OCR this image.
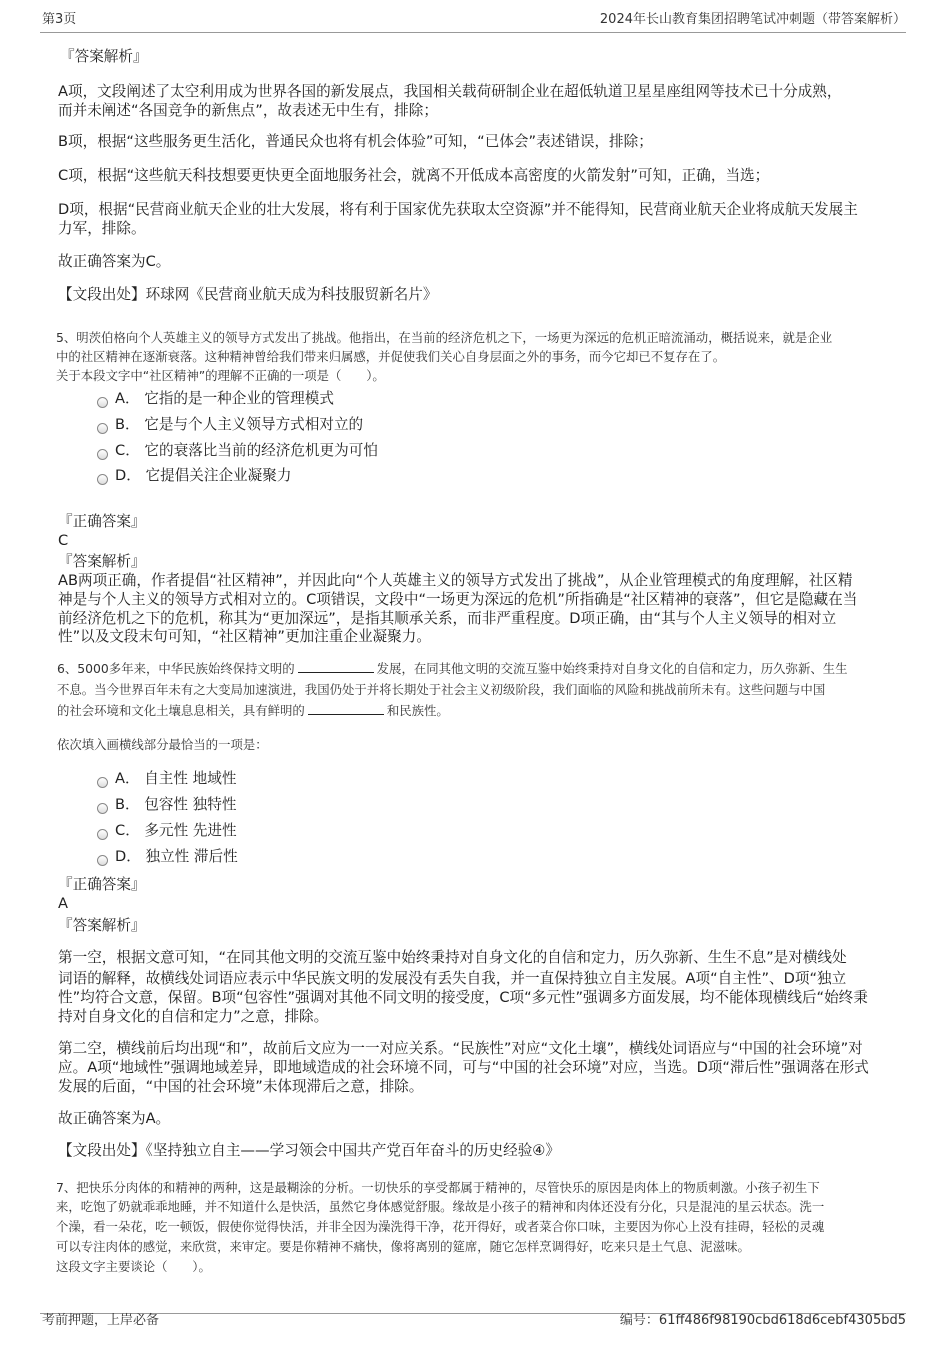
第3页	2024年长山教育集团招聘笔试冲刺题（带答案解析）
6、5000多年来，中华民族始终保持文明的	发展，在同其他文明的交流互鉴中始终秉持对自身文化的自信和定力，历久弥新、生生
不息。当今世界百年未有之大变局加速演进，我国仍处于并将长期处于社会主义初级阶段，我们面临的风险和挑战前所未有。这些问题与中国
的社会环境和文化土壤息息相关，具有鲜明的	和民族性。
考前押题，上岸必备	编号：61ff486f98190cbd618d6cebf4305bd5
『答案解析』
A项，文段阐述了太空利用成为世界各国的新发展点，我国相关载荷研制企业在超低轨道卫星星座组网等技术已十分成熟，
而并未阐述“各国竞争的新焦点”，故表述无中生有，排除；
B项，根据“这些服务更生活化，普通民众也将有机会体验”可知，“已体会”表述错误，排除；
C项，根据“这些航天科技想要更快更全面地服务社会，就离不开低成本高密度的火箭发射”可知，正确，当选；
D项，根据“民营商业航天企业的壮大发展，将有利于国家优先获取太空资源”并不能得知，民营商业航天企业将成航天发展主
力军，排除。
故正确答案为C。
【文段出处】环球网《民营商业航天成为科技服贸新名片》
5、明茨伯格向个人英雄主义的领导方式发出了挑战。他指出，在当前的经济危机之下，一场更为深远的危机正暗流涌动，概括说来，就是企业
中的社区精神在逐渐衰落。这种精神曾给我们带来归属感，并促使我们关心自身层面之外的事务，而今它却已不复存在了。
关于本段文字中“社区精神”的理解不正确的一项是（　　）。
『正确答案』
C
『答案解析』
AB两项正确，作者提倡“社区精神”，并因此向“个人英雄主义的领导方式发出了挑战”，从企业管理模式的角度理解，社区精
神是与个人主义的领导方式相对立的。C项错误，文段中“一场更为深远的危机”所指确是“社区精神的衰落”，但它是隐藏在当
前经济危机之下的危机，称其为“更加深远”，是指其顺承关系，而非严重程度。D项正确，由“其与个人主义领导的相对立
性”以及文段末句可知，“社区精神”更加注重企业凝聚力。
依次填入画横线部分最恰当的一项是：
『正确答案』
A
『答案解析』
第一空，根据文意可知，“在同其他文明的交流互鉴中始终秉持对自身文化的自信和定力，历久弥新、生生不息”是对横线处
词语的解释，故横线处词语应表示中华民族文明的发展没有丢失自我，并一直保持独立自主发展。A项“自主性”、D项“独立
性”均符合文意，保留。B项“包容性”强调对其他不同文明的接受度，C项“多元性”强调多方面发展，均不能体现横线后“始终秉
持对自身文化的自信和定力”之意，排除。
第二空，横线前后均出现“和”，故前后文应为一一对应关系。“民族性”对应“文化土壤”，横线处词语应与“中国的社会环境”对
应。A项“地域性”强调地域差异，即地域造成的社会环境不同，可与“中国的社会环境”对应，当选。D项“滞后性”强调落在形式
发展的后面，“中国的社会环境”未体现滞后之意，排除。
故正确答案为A。
【文段出处】《坚持独立自主——学习领会中国共产党百年奋斗的历史经验④》
7、把快乐分肉体的和精神的两种，这是最糊涂的分析。一切快乐的享受都属于精神的，尽管快乐的原因是肉体上的物质刺激。小孩子初生下
来，吃饱了奶就乖乖地睡，并不知道什么是快活，虽然它身体感觉舒服。缘故是小孩子的精神和肉体还没有分化，只是混沌的星云状态。洗一
个澡，看一朵花，吃一顿饭，假使你觉得快活，并非全因为澡洗得干净，花开得好，或者菜合你口味，主要因为你心上没有挂碍，轻松的灵魂
可以专注肉体的感觉，来欣赏，来审定。要是你精神不痛快，像将离别的筵席，随它怎样烹调得好，吃来只是土气息、泥滋味。
这段文字主要谈论（　　）。
A． 它指的是一种企业的管理模式
B． 它是与个人主义领导方式相对立的
C． 它的衰落比当前的经济危机更为可怕
D． 它提倡关注企业凝聚力
A． 自主性 地域性
B． 包容性 独特性
C． 多元性 先进性
D． 独立性 滞后性
